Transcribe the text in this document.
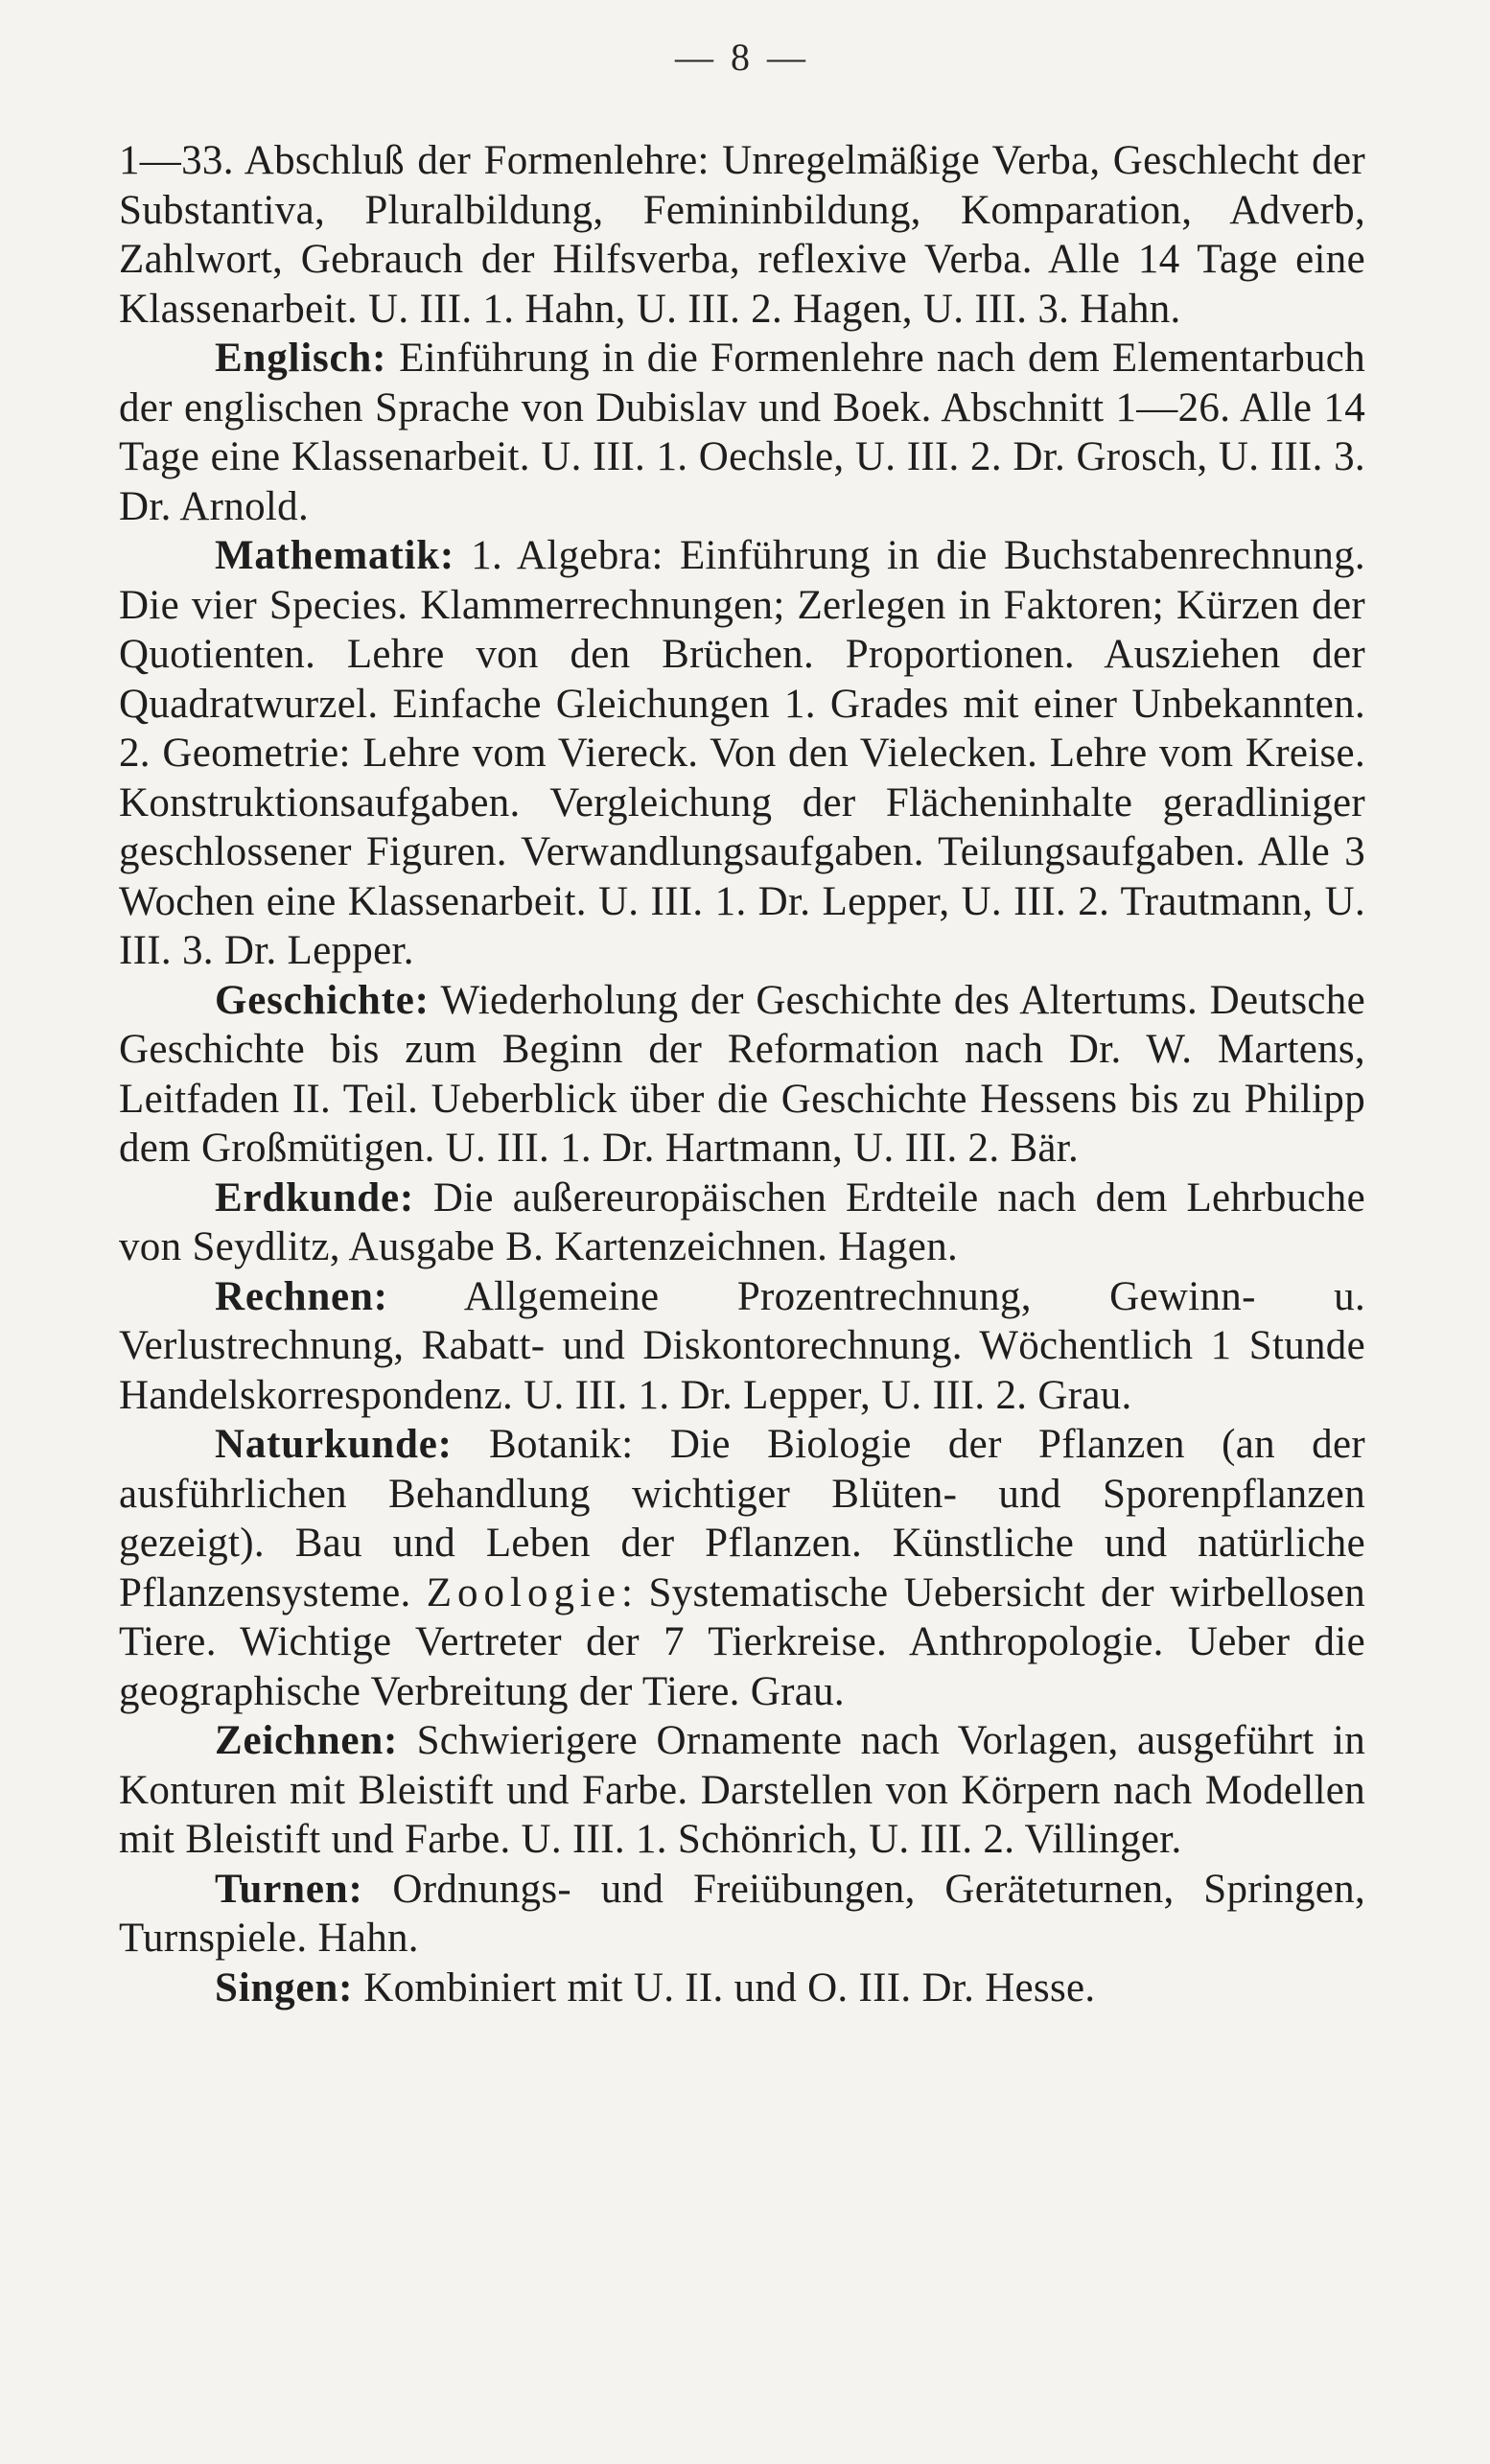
— 8 —

1—33. Abschluß der Formenlehre: Unregelmäßige Verba, Geschlecht der Substantiva, Pluralbildung, Femininbildung, Komparation, Adverb, Zahlwort, Gebrauch der Hilfsverba, reflexive Verba. Alle 14 Tage eine Klassenarbeit. U. III. 1. Hahn, U. III. 2. Hagen, U. III. 3. Hahn.

Englisch: Einführung in die Formenlehre nach dem Elementarbuch der englischen Sprache von Dubislav und Boek. Abschnitt 1—26. Alle 14 Tage eine Klassenarbeit. U. III. 1. Oechsle, U. III. 2. Dr. Grosch, U. III. 3. Dr. Arnold.

Mathematik: 1. Algebra: Einführung in die Buchstabenrechnung. Die vier Species. Klammerrechnungen; Zerlegen in Faktoren; Kürzen der Quotienten. Lehre von den Brüchen. Proportionen. Ausziehen der Quadratwurzel. Einfache Gleichungen 1. Grades mit einer Unbekannten. 2. Geometrie: Lehre vom Viereck. Von den Vielecken. Lehre vom Kreise. Konstruktionsaufgaben. Vergleichung der Flächeninhalte geradliniger geschlossener Figuren. Verwandlungsaufgaben. Teilungsaufgaben. Alle 3 Wochen eine Klassenarbeit. U. III. 1. Dr. Lepper, U. III. 2. Trautmann, U. III. 3. Dr. Lepper.

Geschichte: Wiederholung der Geschichte des Altertums. Deutsche Geschichte bis zum Beginn der Reformation nach Dr. W. Martens, Leitfaden II. Teil. Ueberblick über die Geschichte Hessens bis zu Philipp dem Großmütigen. U. III. 1. Dr. Hartmann, U. III. 2. Bär.

Erdkunde: Die außereuropäischen Erdteile nach dem Lehrbuche von Seydlitz, Ausgabe B. Kartenzeichnen. Hagen.

Rechnen: Allgemeine Prozentrechnung, Gewinn- u. Verlustrechnung, Rabatt- und Diskontorechnung. Wöchentlich 1 Stunde Handelskorrespondenz. U. III. 1. Dr. Lepper, U. III. 2. Grau.

Naturkunde: Botanik: Die Biologie der Pflanzen (an der ausführlichen Behandlung wichtiger Blüten- und Sporenpflanzen gezeigt). Bau und Leben der Pflanzen. Künstliche und natürliche Pflanzensysteme. Zoologie: Systematische Uebersicht der wirbellosen Tiere. Wichtige Vertreter der 7 Tierkreise. Anthropologie. Ueber die geographische Verbreitung der Tiere. Grau.

Zeichnen: Schwierigere Ornamente nach Vorlagen, ausgeführt in Konturen mit Bleistift und Farbe. Darstellen von Körpern nach Modellen mit Bleistift und Farbe. U. III. 1. Schönrich, U. III. 2. Villinger.

Turnen: Ordnungs- und Freiübungen, Geräteturnen, Springen, Turnspiele. Hahn.

Singen: Kombiniert mit U. II. und O. III. Dr. Hesse.
